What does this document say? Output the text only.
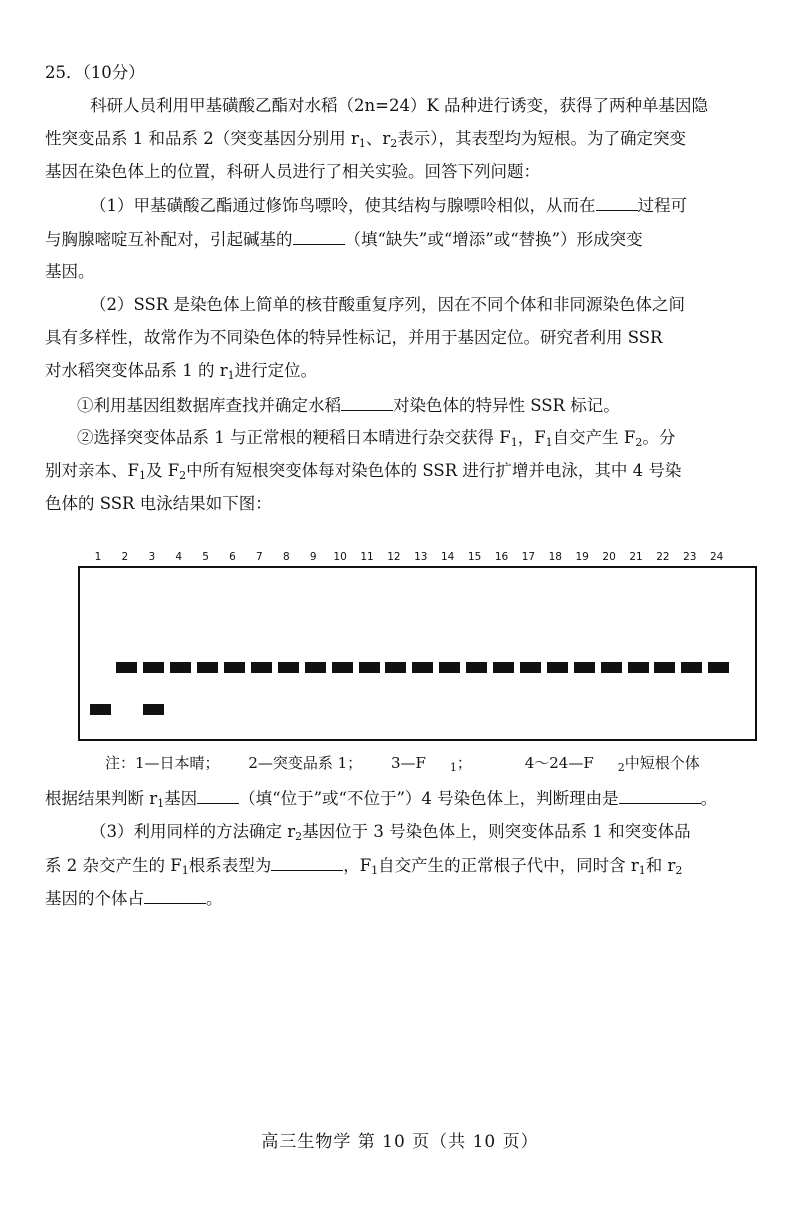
25．（10分）
科研人员利用甲基磺酸乙酯对水稻（2n=24）K 品种进行诱变，获得了两种单基因隐
性突变品系 1 和品系 2（突变基因分别用 $r_1$、$r_2$表示），其表型均为短根。为了确定突变
基因在染色体上的位置，科研人员进行了相关实验。回答下列问题：
（1）甲基磺酸乙酯通过修饰鸟嘌呤，使其结构与腺嘌呤相似，从而在	过程可
与胸腺嘧啶互补配对，引起碱基的	（填“缺失”或“增添”或“替换”）形成突变
基因。
（2）SSR 是染色体上简单的核苷酸重复序列，因在不同个体和非同源染色体之间
具有多样性，故常作为不同染色体的特异性标记，并用于基因定位。研究者利用 SSR
对水稻突变体品系 1 的 $r_1$进行定位。
①利用基因组数据库查找并确定水稻	对染色体的特异性 SSR 标记。
②选择突变体品系 1 与正常根的粳稻日本晴进行杂交获得 $F_1$，$F_1$自交产生 $F_2$。分
别对亲本、$F_1$及 $F_2$中所有短根突变体每对染色体的 SSR 进行扩增并电泳，其中 4 号染
色体的 SSR 电泳结果如下图：
1 2 3 4 5 6 7 8 9 10 11 12 13 14 15 16 17 18 19 20 21 22 23 24
注：1—日本晴； 2—突变品系 1； 3—F $_1$；	4～24—F $_2$中短根个体
根据结果判断 $r_1$基因	（填“位于”或“不位于”）4 号染色体上，判断理由是	。
（3）利用同样的方法确定 $r_2$基因位于 3 号染色体上，则突变体品系 1 和突变体品
系 2 杂交产生的 $F_1$根系表型为	，$F_1$自交产生的正常根子代中，同时含 $r_1$和 $r_2$
基因的个体占	。
高三生物学 第 10 页（共 10 页）
